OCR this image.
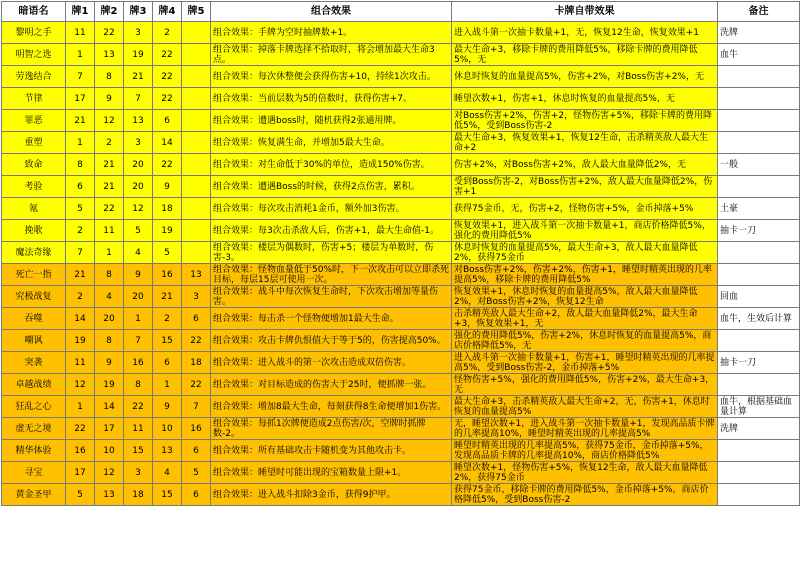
暗语名	牌1	牌2	牌3	牌4	牌5	组合效果	卡牌自带效果	备注
黎明之手	11	22	3	2		组合效果：手牌为空时抽牌数+1。	进入战斗第一次抽卡数量+1，无，恢复12生命，恢复效果+1	洗牌
明智之选	1	13	19	22		组合效果：掉落卡牌选择不拾取时，将会增加最大生命3点。	最大生命+3，移除卡牌的费用降低5%，移除卡牌的费用降低5%，无	血牛
劳逸结合	7	8	21	22		组合效果：每次休整便会获得伤害+10，持续1次攻击。	休息时恢复的血量提高5%，伤害+2%，对Boss伤害+2%，无	
节律	17	9	7	22		组合效果：当前层数为5的倍数时，获得伤害+7。	睡望次数+1，伤害+1，休息时恢复的血量提高5%，无	
罪恶	21	12	13	6		组合效果：遭遇boss时，随机获得2张通用牌。	对Boss伤害+2%，伤害+2，怪物伤害+5%，移除卡牌的费用降低5%，受到Boss伤害-2	
重塑	1	2	3	14		组合效果：恢复满生命，并增加5最大生命。	最大生命+3，恢复效果+1，恢复12生命，击杀精英敌人最大生命+2	
致命	8	21	20	22		组合效果：对生命低于30%的单位，造成150%伤害。	伤害+2%，对Boss伤害+2%，敌人最大血量降低2%，无	一般
考验	6	21	20	9		组合效果：遭遇Boss的时候，获得2点伤害，累积。	受到Boss伤害-2，对Boss伤害+2%，敌人最大血量降低2%，伤害+1	
氪	5	22	12	18		组合效果：每次攻击消耗1金币，额外加3伤害。	获得75金币，无，伤害+2，怪物伤害+5%，金币掉落+5%	土豪
挽歌	2	11	5	19		组合效果：每3次击杀敌人后，伤害+1，最大生命值-1。	恢复效果+1，进入战斗第一次抽卡数量+1，商店价格降低5%，强化的费用降低5%	抽卡一刀
魔法奇缘	7	1	4	5		组合效果：楼层为偶数时，伤害+5；楼层为单数时，伤害-3。	休息时恢复的血量提高5%，最大生命+3，敌人最大血量降低2%，获得75金币	
死亡一指	21	8	9	16	13	组合效果：怪物血量低于50%时，下一次攻击可以立即杀死目标，每层15层可使用一次。	对Boss伤害+2%，伤害+2%，伤害+1，睡望时精英出现的几率提高5%，移除卡牌的费用降低5%	
究极战复	2	4	20	21	3	组合效果：战斗中每次恢复生命时，下次攻击增加等量伤害。	恢复效果+1，休息时恢复的血量提高5%，敌人最大血量降低2%，对Boss伤害+2%，恢复12生命	回血
吞噬	14	20	1	2	6	组合效果：每击杀一个怪物便增加1最大生命。	击杀精英敌人最大生命+2，敌人最大血量降低2%，最大生命+3，恢复效果+1，无	血牛，生效后计算
嘲讽	19	8	7	15	22	组合效果：攻击卡牌仇恨值大于等于5的，伤害提高50%。	强化的费用降低5%，伤害+2%，休息时恢复的血量提高5%，商店价格降低5%，无	
突袭	11	9	16	6	18	组合效果：进入战斗的第一次攻击造成双倍伤害。	进入战斗第一次抽卡数量+1，伤害+1，睡望时精英出现的几率提高5%，受到Boss伤害-2，金币掉落+5%	抽卡一刀
卓越战绩	12	19	8	1	22	组合效果：对目标造成的伤害大于25时，便抓牌一张。	怪物伤害+5%，强化的费用降低5%，伤害+2%，最大生命+3，无	
狂乱之心	1	14	22	9	7	组合效果：增加8最大生命，每刻获得8生命便增加1伤害。	最大生命+3，击杀精英敌人最大生命+2，无，伤害+1，休息时恢复的血量提高5%	血牛，根据基础血量计算
虚无之境	22	17	11	10	16	组合效果：每抓1次牌便造成2点伤害/次，空牌时抓牌数-2。	无，睡望次数+1，进入战斗第一次抽卡数量+1，发现高品质卡牌的几率提高10%，睡望时精英出现的几率提高5%	洗牌
精华体验	16	10	15	13	6	组合效果：所有基础攻击卡随机变为其他攻击卡。	睡望时精英出现的几率提高5%，获得75金币，金币掉落+5%，发现高品质卡牌的几率提高10%，商店价格降低5%	
寻宝	17	12	3	4	5	组合效果：睡望时可能出现的宝箱数量上限+1。	睡望次数+1，怪物伤害+5%，恢复12生命，敌人最大血量降低2%，获得75金币	
黄金圣甲	5	13	18	15	6	组合效果：进入战斗扣除3金币，获得9护甲。	获得75金币，移除卡牌的费用降低5%，金币掉落+5%，商店价格降低5%，受到Boss伤害-2	
